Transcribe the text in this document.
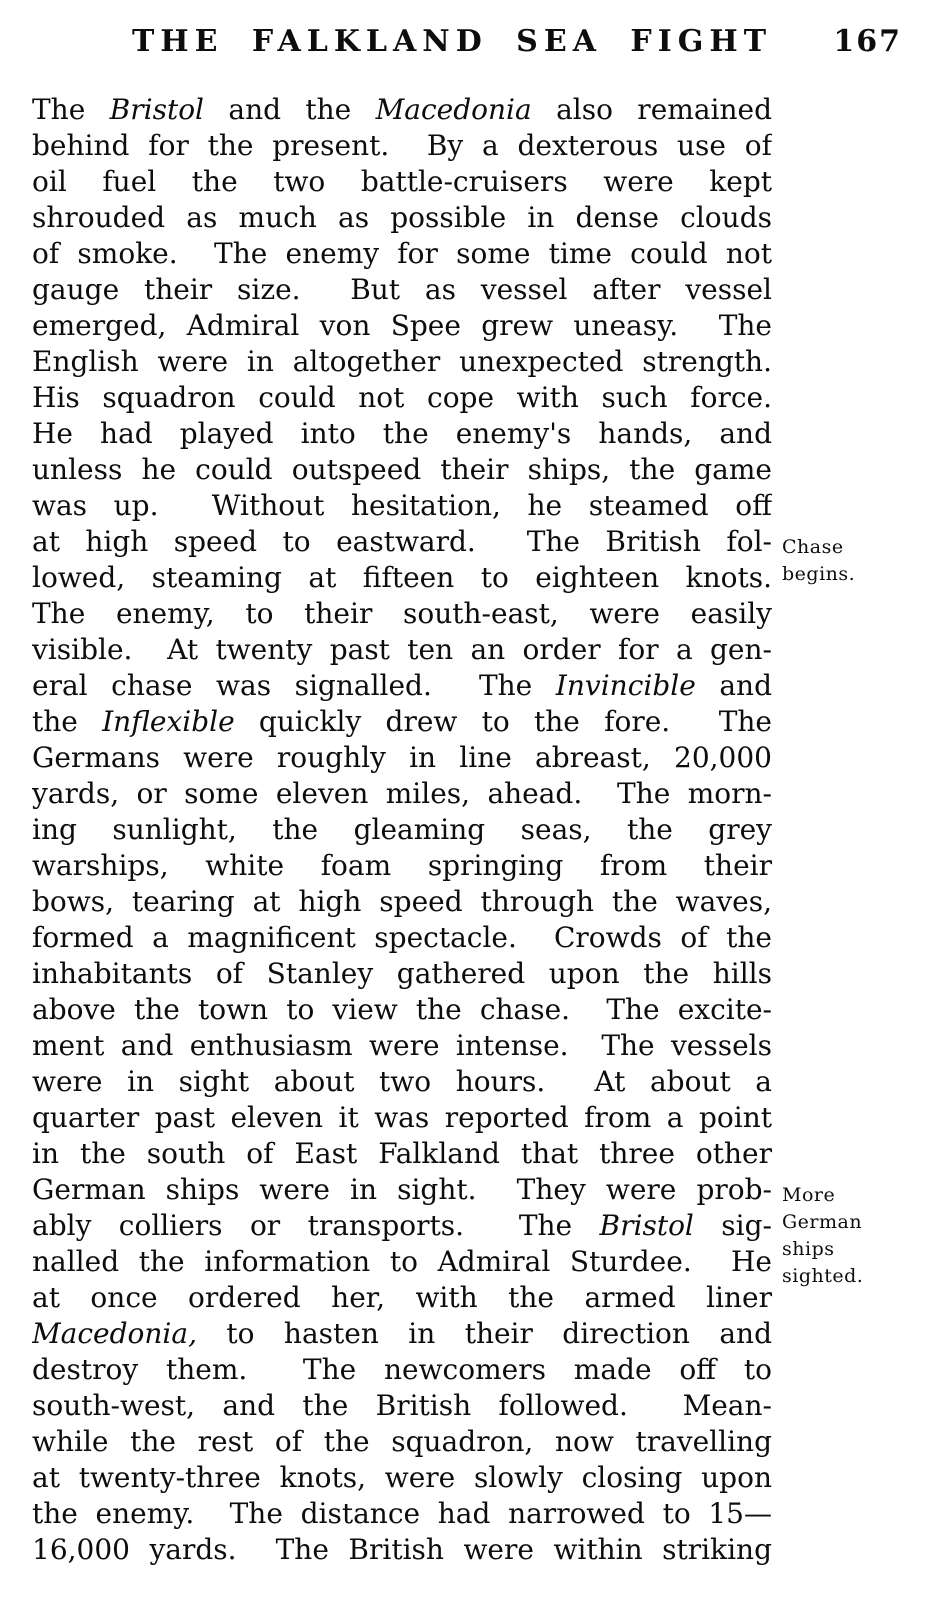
THE FALKLAND SEA FIGHT	167
The Bristol and the Macedonia also remained
behind for the present.  By a dexterous use of
oil fuel the two battle-cruisers were kept
shrouded as much as possible in dense clouds
of smoke.  The enemy for some time could not
gauge their size.  But as vessel after vessel
emerged, Admiral von Spee grew uneasy.  The
English were in altogether unexpected strength.
His squadron could not cope with such force.
He had played into the enemy's hands, and
unless he could outspeed their ships, the game
was up.  Without hesitation, he steamed off
at high speed to eastward.  The British fol-
lowed, steaming at fifteen to eighteen knots.
The enemy, to their south-east, were easily
visible.  At twenty past ten an order for a gen-
eral chase was signalled.  The Invincible and
the Inflexible quickly drew to the fore.  The
Germans were roughly in line abreast, 20,000
yards, or some eleven miles, ahead.  The morn-
ing sunlight, the gleaming seas, the grey
warships, white foam springing from their
bows, tearing at high speed through the waves,
formed a magnificent spectacle.  Crowds of the
inhabitants of Stanley gathered upon the hills
above the town to view the chase.  The excite-
ment and enthusiasm were intense.  The vessels
were in sight about two hours.  At about a
quarter past eleven it was reported from a point
in the south of East Falkland that three other
German ships were in sight.  They were prob-
ably colliers or transports.  The Bristol sig-
nalled the information to Admiral Sturdee.  He
at once ordered her, with the armed liner
Macedonia, to hasten in their direction and
destroy them.  The newcomers made off to
south-west, and the British followed.  Mean-
while the rest of the squadron, now travelling
at twenty-three knots, were slowly closing upon
the enemy.  The distance had narrowed to 15—
16,000 yards.  The British were within striking
Chase
begins.
More
German
ships
sighted.
